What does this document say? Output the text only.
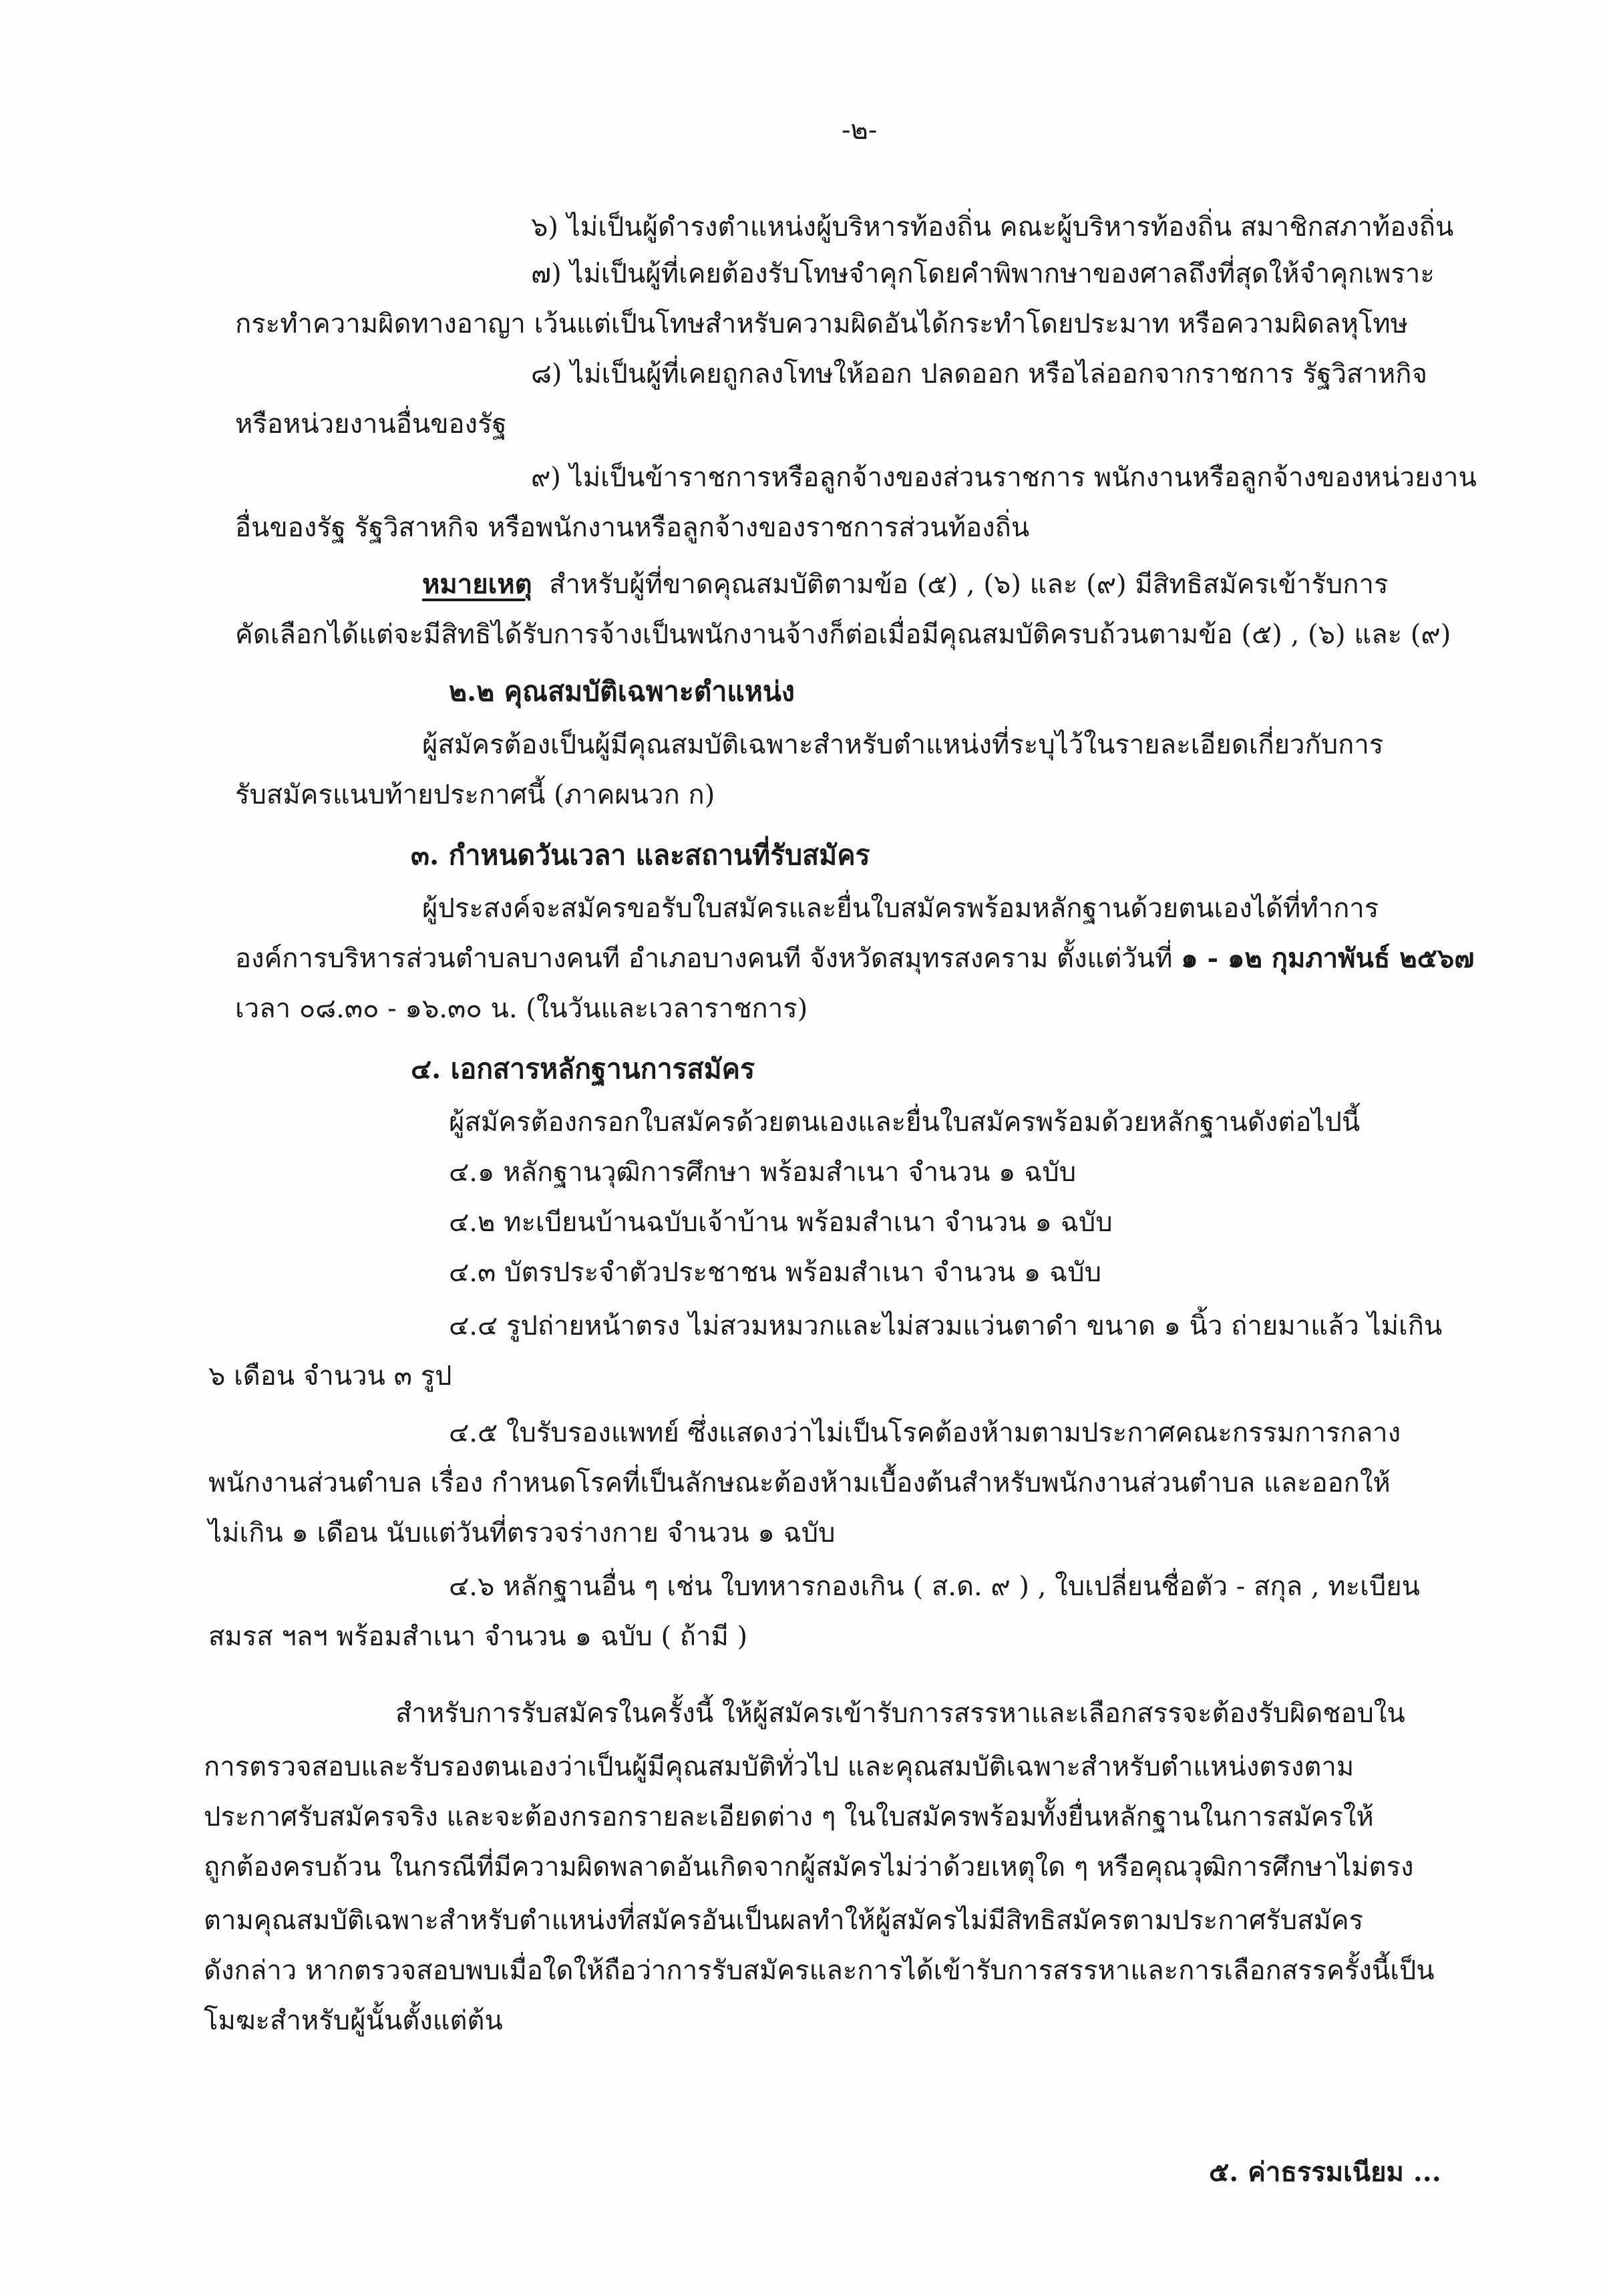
-๒-
๖) ไม่เป็นผู้ดำรงตำแหน่งผู้บริหารท้องถิ่น คณะผู้บริหารท้องถิ่น สมาชิกสภาท้องถิ่น
๗) ไม่เป็นผู้ที่เคยต้องรับโทษจำคุกโดยคำพิพากษาของศาลถึงที่สุดให้จำคุกเพราะ
กระทำความผิดทางอาญา เว้นแต่เป็นโทษสำหรับความผิดอันได้กระทำโดยประมาท หรือความผิดลหุโทษ
๘) ไม่เป็นผู้ที่เคยถูกลงโทษให้ออก ปลดออก หรือไล่ออกจากราชการ รัฐวิสาหกิจ
หรือหน่วยงานอื่นของรัฐ
๙) ไม่เป็นข้าราชการหรือลูกจ้างของส่วนราชการ พนักงานหรือลูกจ้างของหน่วยงาน
อื่นของรัฐ รัฐวิสาหกิจ หรือพนักงานหรือลูกจ้างของราชการส่วนท้องถิ่น
หมายเหตุ สำหรับผู้ที่ขาดคุณสมบัติตามข้อ (๕) , (๖) และ (๙) มีสิทธิสมัครเข้ารับการ
คัดเลือกได้แต่จะมีสิทธิได้รับการจ้างเป็นพนักงานจ้างก็ต่อเมื่อมีคุณสมบัติครบถ้วนตามข้อ (๕) , (๖) และ (๙)
๒.๒ คุณสมบัติเฉพาะตำแหน่ง
ผู้สมัครต้องเป็นผู้มีคุณสมบัติเฉพาะสำหรับตำแหน่งที่ระบุไว้ในรายละเอียดเกี่ยวกับการ
รับสมัครแนบท้ายประกาศนี้ (ภาคผนวก ก)
๓. กำหนดวันเวลา และสถานที่รับสมัคร
ผู้ประสงค์จะสมัครขอรับใบสมัครและยื่นใบสมัครพร้อมหลักฐานด้วยตนเองได้ที่ทำการ
องค์การบริหารส่วนตำบลบางคนที อำเภอบางคนที จังหวัดสมุทรสงคราม ตั้งแต่วันที่ ๑ - ๑๒ กุมภาพันธ์ ๒๕๖๗
เวลา ๐๘.๓๐ - ๑๖.๓๐ น. (ในวันและเวลาราชการ)
๔. เอกสารหลักฐานการสมัคร
ผู้สมัครต้องกรอกใบสมัครด้วยตนเองและยื่นใบสมัครพร้อมด้วยหลักฐานดังต่อไปนี้
๔.๑ หลักฐานวุฒิการศึกษา พร้อมสำเนา จำนวน ๑ ฉบับ
๔.๒ ทะเบียนบ้านฉบับเจ้าบ้าน พร้อมสำเนา จำนวน ๑ ฉบับ
๔.๓ บัตรประจำตัวประชาชน พร้อมสำเนา จำนวน ๑ ฉบับ
๔.๔ รูปถ่ายหน้าตรง ไม่สวมหมวกและไม่สวมแว่นตาดำ ขนาด ๑ นิ้ว ถ่ายมาแล้ว ไม่เกิน
๖ เดือน จำนวน ๓ รูป
๔.๕ ใบรับรองแพทย์ ซึ่งแสดงว่าไม่เป็นโรคต้องห้ามตามประกาศคณะกรรมการกลาง
พนักงานส่วนตำบล เรื่อง กำหนดโรคที่เป็นลักษณะต้องห้ามเบื้องต้นสำหรับพนักงานส่วนตำบล และออกให้
ไม่เกิน ๑ เดือน นับแต่วันที่ตรวจร่างกาย จำนวน ๑ ฉบับ
๔.๖ หลักฐานอื่น ๆ เช่น ใบทหารกองเกิน ( ส.ด. ๙ ) , ใบเปลี่ยนชื่อตัว - สกุล , ทะเบียน
สมรส ฯลฯ พร้อมสำเนา จำนวน ๑ ฉบับ ( ถ้ามี )
สำหรับการรับสมัครในครั้งนี้ ให้ผู้สมัครเข้ารับการสรรหาและเลือกสรรจะต้องรับผิดชอบใน
การตรวจสอบและรับรองตนเองว่าเป็นผู้มีคุณสมบัติทั่วไป และคุณสมบัติเฉพาะสำหรับตำแหน่งตรงตาม
ประกาศรับสมัครจริง และจะต้องกรอกรายละเอียดต่าง ๆ ในใบสมัครพร้อมทั้งยื่นหลักฐานในการสมัครให้
ถูกต้องครบถ้วน ในกรณีที่มีความผิดพลาดอันเกิดจากผู้สมัครไม่ว่าด้วยเหตุใด ๆ หรือคุณวุฒิการศึกษาไม่ตรง
ตามคุณสมบัติเฉพาะสำหรับตำแหน่งที่สมัครอันเป็นผลทำให้ผู้สมัครไม่มีสิทธิสมัครตามประกาศรับสมัคร
ดังกล่าว หากตรวจสอบพบเมื่อใดให้ถือว่าการรับสมัครและการได้เข้ารับการสรรหาและการเลือกสรรครั้งนี้เป็น
โมฆะสำหรับผู้นั้นตั้งแต่ต้น
๕. ค่าธรรมเนียม ...
